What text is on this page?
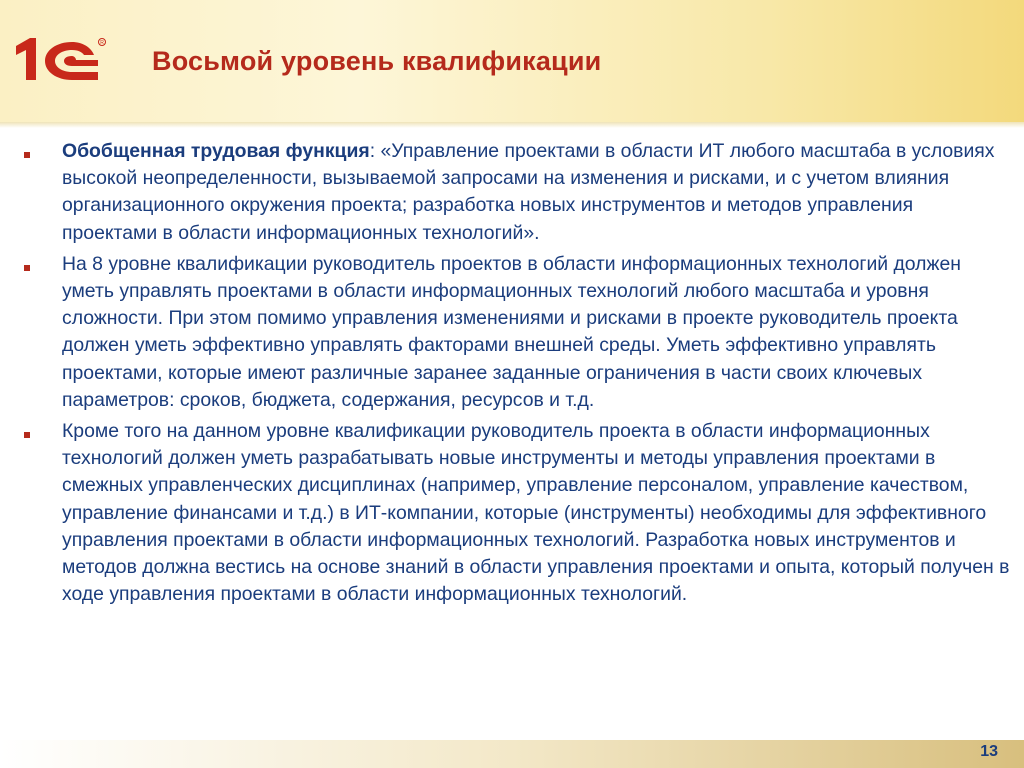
R
Восьмой уровень квалификации
Обобщенная трудовая функция: «Управление проектами в области ИТ любого масштаба в условиях высокой неопределенности, вызываемой запросами на изменения и рисками, и с учетом влияния организационного окружения проекта; разработка новых инструментов и методов управления проектами в области информационных технологий».
На 8 уровне квалификации руководитель проектов в области информационных технологий должен уметь управлять проектами в области информационных технологий любого масштаба и уровня сложности. При этом помимо управления изменениями и рисками в проекте руководитель проекта должен уметь эффективно управлять факторами внешней среды. Уметь эффективно управлять проектами, которые имеют различные заранее заданные ограничения в части своих ключевых параметров: сроков, бюджета, содержания, ресурсов и т.д.
Кроме того на данном уровне квалификации руководитель проекта в области информационных технологий должен уметь разрабатывать новые инструменты и методы управления проектами в смежных управленческих дисциплинах (например, управление персоналом, управление качеством, управление финансами и т.д.) в ИТ-компании, которые (инструменты) необходимы для эффективного управления проектами в области информационных технологий. Разработка новых инструментов и методов должна вестись на основе знаний в области управления проектами и опыта, который получен в ходе управления проектами в области информационных технологий.
13
